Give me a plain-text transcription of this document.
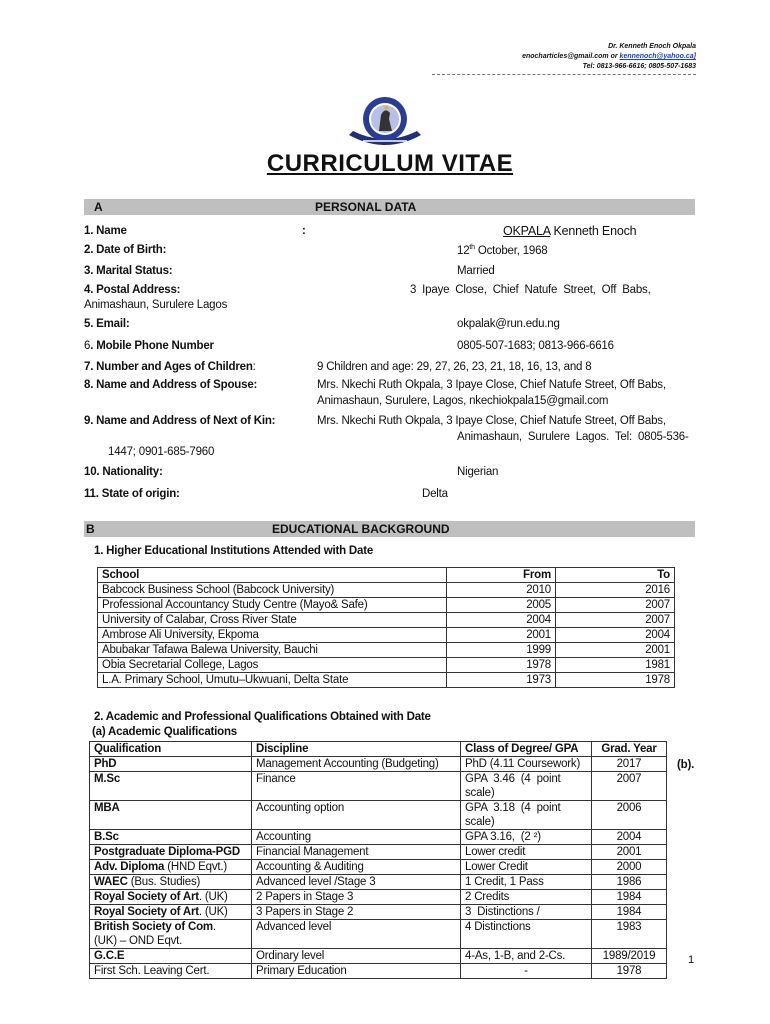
Dr. Kenneth Enoch Okpala
enocharticles@gmail.com or kennenoch@yahoo.ca]
Tel: 0813-966-6616; 0805-507-1683
CURRICULUM VITAE
A	PERSONAL DATA
1. Name	:	OKPALA Kenneth Enoch
2. Date of Birth:	12th October, 1968
3. Marital Status:	Married
4. Postal Address:	3  Ipaye  Close,  Chief  Natufe  Street,  Off  Babs,
Animashaun, Surulere Lagos
5. Email:	okpalak@run.edu.ng
6. Mobile Phone Number	0805-507-1683; 0813-966-6616
7. Number and Ages of Children:	9 Children and age: 29, 27, 26, 23, 21, 18, 16, 13, and 8
8. Name and Address of Spouse:	Mrs. Nkechi Ruth Okpala, 3 Ipaye Close, Chief Natufe Street, Off Babs,
Animashaun, Surulere, Lagos, nkechiokpala15@gmail.com
9. Name and Address of Next of Kin:	Mrs. Nkechi Ruth Okpala, 3 Ipaye Close, Chief Natufe Street, Off Babs,
Animashaun,  Surulere  Lagos.  Tel:  0805-536-
1447; 0901-685-7960
10. Nationality:	Nigerian
11. State of origin:	Delta
B	EDUCATIONAL BACKGROUND
1. Higher Educational Institutions Attended with Date
School	From	To
Babcock Business School (Babcock University)	2010	2016
Professional Accountancy Study Centre (Mayo& Safe)	2005	2007
University of Calabar, Cross River State	2004	2007
Ambrose Ali University, Ekpoma	2001	2004
Abubakar Tafawa Balewa University, Bauchi	1999	2001
Obia Secretarial College, Lagos	1978	1981
L.A. Primary School, Umutu–Ukwuani, Delta State	1973	1978
2. Academic and Professional Qualifications Obtained with Date
(a) Academic Qualifications
(b).
Qualification	Discipline	Class of Degree/ GPA	Grad. Year
PhD	Management Accounting (Budgeting)	PhD (4.11 Coursework)	2017
M.Sc	Finance	GPA  3.46  (4  point
scale)	2007
MBA	Accounting option	GPA  3.18  (4  point
scale)	2006
B.Sc	Accounting	GPA 3.16,  (2 ²)	2004
Postgraduate Diploma-PGD	Financial Management	Lower credit	2001
Adv. Diploma (HND Eqvt.)	Accounting & Auditing	Lower Credit	2000
WAEC (Bus. Studies)	Advanced level /Stage 3	1 Credit, 1 Pass	1986
Royal Society of Art. (UK)	2 Papers in Stage 3	2 Credits	1984
Royal Society of Art. (UK)	3 Papers in Stage 2	3  Distinctions /	1984
British Society of Com.
(UK) – OND Eqvt.	Advanced level	4 Distinctions	1983
G.C.E	Ordinary level	4-As, 1-B, and 2-Cs.	1989/2019
First Sch. Leaving Cert.	Primary Education	-	1978
1
